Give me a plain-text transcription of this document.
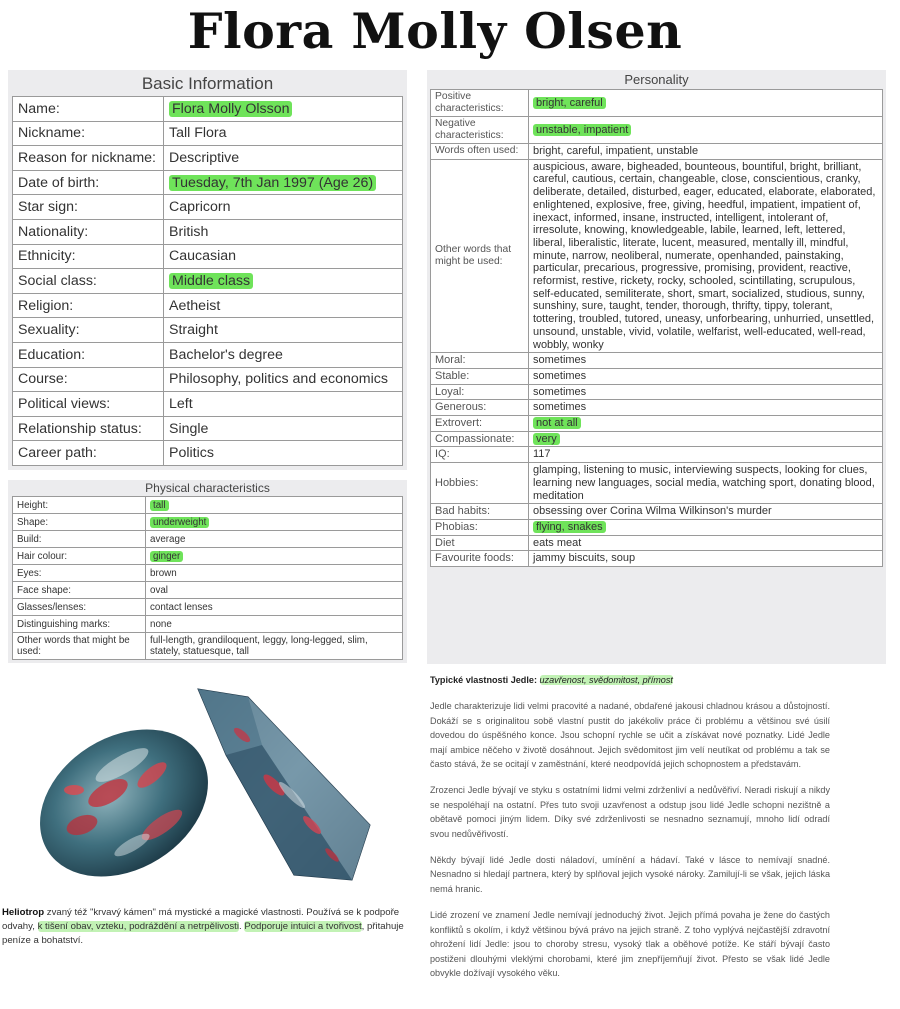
Flora Molly Olsen
Basic Information
Name:	Flora Molly Olsson
Nickname:	Tall Flora
Reason for nickname:	Descriptive
Date of birth:	Tuesday, 7th Jan 1997 (Age 26)
Star sign:	Capricorn
Nationality:	British
Ethnicity:	Caucasian
Social class:	Middle class
Religion:	Aetheist
Sexuality:	Straight
Education:	Bachelor's degree
Course:	Philosophy, politics and economics
Political views:	Left
Relationship status:	Single
Career path:	Politics
Physical characteristics
Height:	tall
Shape:	underweight
Build:	average
Hair colour:	ginger
Eyes:	brown
Face shape:	oval
Glasses/lenses:	contact lenses
Distinguishing marks:	none
Other words that might be used:	full-length, grandiloquent, leggy, long-legged, slim, stately, statuesque, tall
Personality
Positive characteristics:	bright, careful
Negative characteristics:	unstable, impatient
Words often used:	bright, careful, impatient, unstable
Other words that might be used:	auspicious, aware, bigheaded, bounteous, bountiful, bright, brilliant, careful, cautious, certain, changeable, close, conscientious, cranky, deliberate, detailed, disturbed, eager, educated, elaborate, elaborated, enlightened, explosive, free, giving, heedful, impatient, impatient of, inexact, informed, insane, instructed, intelligent, intolerant of, irresolute, knowing, knowledgeable, labile, learned, left, lettered, liberal, liberalistic, literate, lucent, measured, mentally ill, mindful, minute, narrow, neoliberal, numerate, openhanded, painstaking, particular, precarious, progressive, promising, provident, reactive, reformist, restive, rickety, rocky, schooled, scintillating, scrupulous, self-educated, semiliterate, short, smart, socialized, studious, sunny, sunshiny, sure, taught, tender, thorough, thrifty, tippy, tolerant, tottering, troubled, tutored, uneasy, unforbearing, unhurried, unsettled, unsound, unstable, vivid, volatile, welfarist, well-educated, well-read, wobbly, wonky
Moral:	sometimes
Stable:	sometimes
Loyal:	sometimes
Generous:	sometimes
Extrovert:	not at all
Compassionate:	very
IQ:	117
Hobbies:	glamping, listening to music, interviewing suspects, looking for clues, learning new languages, social media, watching sport, donating blood, meditation
Bad habits:	obsessing over Corina Wilma Wilkinson's murder
Phobias:	flying, snakes
Diet	eats meat
Favourite foods:	jammy biscuits, soup
Heliotrop zvaný též "krvavý kámen" má mystické a magické vlastnosti. Používá se k podpoře odvahy, k tišení obav, vzteku, podráždění a netrpělivosti. Podporuje intuici a tvořivost, přitahuje peníze a bohatství.
Typické vlastnosti Jedle: uzavřenost, svědomitost, přímost

Jedle charakterizuje lidi velmi pracovité a nadané, obdařené jakousi chladnou krásou a důstojností. Dokáží se s originalitou sobě vlastní pustit do jakékoliv práce či problému a většinou své úsilí dovedou do úspěšného konce. Jsou schopní rychle se učit a získávat nové poznatky. Lidé Jedle mají ambice něčeho v životě dosáhnout. Jejich svědomitost jim velí neutíkat od problému a tak se často stává, že se ocitají v zaměstnání, které neodpovídá jejich schopnostem a představám.

Zrozenci Jedle bývají ve styku s ostatními lidmi velmi zdrženliví a nedůvěřiví. Neradi riskují a nikdy se nespoléhají na ostatní. Přes tuto svoji uzavřenost a odstup jsou lidé Jedle schopni nezištně a obětavě pomoci jiným lidem. Díky své zdrženlivosti se nesnadno seznamují, mnoho lidí odradí svou nedůvěřivostí.

Někdy bývají lidé Jedle dosti náladoví, umínění a hádaví. Také v lásce to nemívají snadné. Nesnadno si hledají partnera, který by splňoval jejich vysoké nároky. Zamilují-li se však, jejich láska nemá hranic.

Lidé zrození ve znamení Jedle nemívají jednoduchý život. Jejich přímá povaha je žene do častých konfliktů s okolím, i když většinou bývá právo na jejich straně. Z toho vyplývá nejčastější zdravotní ohrožení lidí Jedle: jsou to choroby stresu, vysoký tlak a oběhové potíže. Ke stáří bývají často postiženi dlouhými vleklými chorobami, které jim znepříjemňují život. Přesto se však lidé Jedle obvykle dožívají vysokého věku.
